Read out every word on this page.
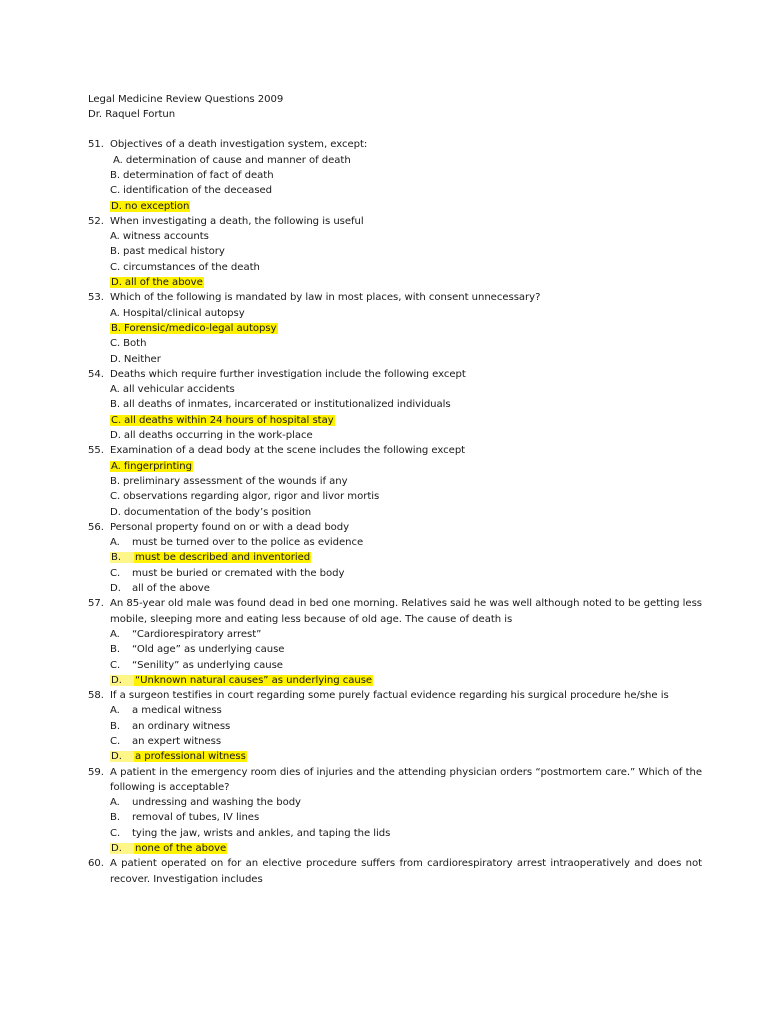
Legal Medicine Review Questions 2009
Dr. Raquel Fortun
51. Objectives of a death investigation system, except:
A. determination of cause and manner of death
B. determination of fact of death
C. identification of the deceased
D. no exception
52. When investigating a death, the following is useful
A. witness accounts
B. past medical history
C. circumstances of the death
D. all of the above
53. Which of the following is mandated by law in most places, with consent unnecessary?
A. Hospital/clinical autopsy
B. Forensic/medico-legal autopsy
C. Both
D. Neither
54. Deaths which require further investigation include the following except
A. all vehicular accidents
B. all deaths of inmates, incarcerated or institutionalized individuals
C. all deaths within 24 hours of hospital stay
D. all deaths occurring in the work-place
55. Examination of a dead body at the scene includes the following except
A. fingerprinting
B. preliminary assessment of the wounds if any
C. observations regarding algor, rigor and livor mortis
D. documentation of the body’s position
56. Personal property found on or with a dead body
A. must be turned over to the police as evidence
B. must be described and inventoried
C. must be buried or cremated with the body
D. all of the above
57. An 85-year old male was found dead in bed one morning. Relatives said he was well although noted to be getting less mobile, sleeping more and eating less because of old age. The cause of death is
A. “Cardiorespiratory arrest”
B. “Old age” as underlying cause
C. “Senility” as underlying cause
D. “Unknown natural causes” as underlying cause
58. If a surgeon testifies in court regarding some purely factual evidence regarding his surgical procedure he/she is
A. a medical witness
B. an ordinary witness
C. an expert witness
D. a professional witness
59. A patient in the emergency room dies of injuries and the attending physician orders “postmortem care.” Which of the following is acceptable?
A. undressing and washing the body
B. removal of tubes, IV lines
C. tying the jaw, wrists and ankles, and taping the lids
D. none of the above
60. A patient operated on for an elective procedure suffers from cardiorespiratory arrest intraoperatively and does not recover. Investigation includes
